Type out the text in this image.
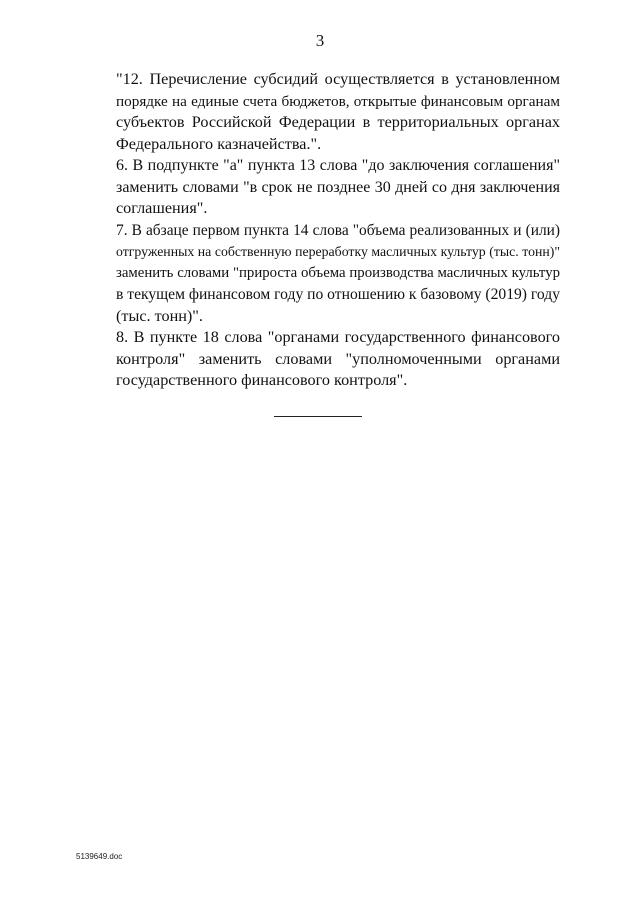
3
"12. Перечисление субсидий осуществляется в установленном
порядке на единые счета бюджетов, открытые финансовым органам
субъектов Российской Федерации в территориальных органах
Федерального казначейства.".
6. В подпункте "а" пункта 13 слова "до заключения соглашения"
заменить словами "в срок не позднее 30 дней со дня заключения
соглашения".
7. В абзаце первом пункта 14 слова "объема реализованных и (или)
отгруженных на собственную переработку масличных культур (тыс. тонн)"
заменить словами "прироста объема производства масличных культур
в текущем финансовом году по отношению к базовому (2019) году
(тыс. тонн)".
8. В пункте 18 слова "органами государственного финансового
контроля" заменить словами "уполномоченными органами
государственного финансового контроля".
5139649.doc
